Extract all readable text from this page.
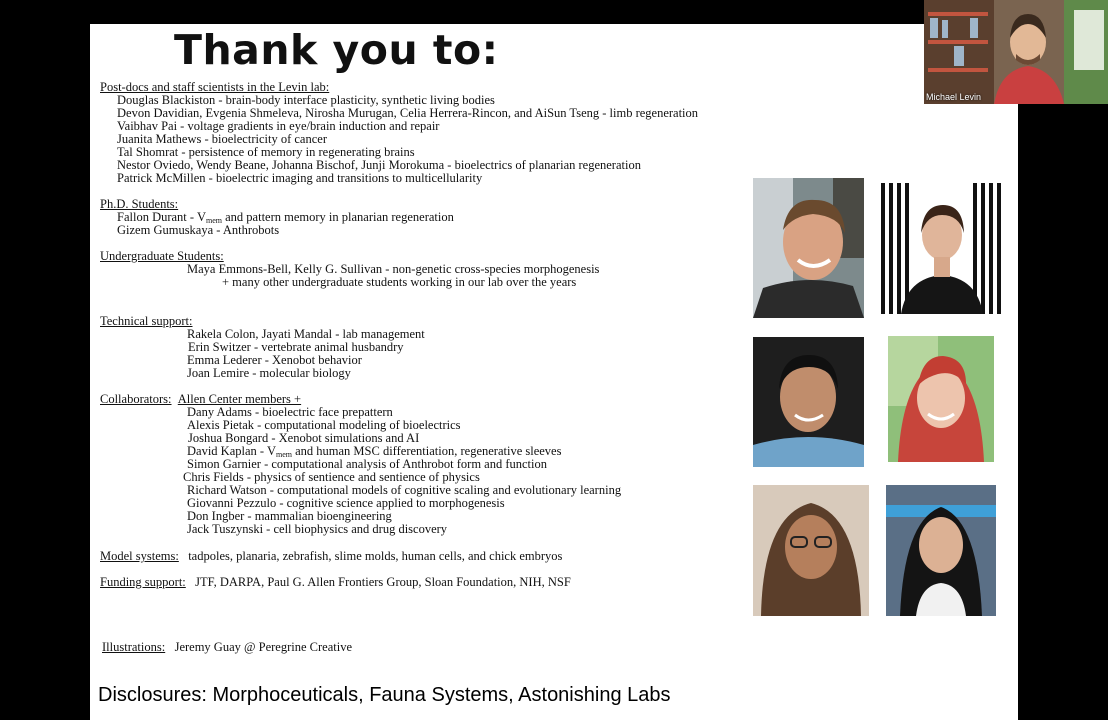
Thank you to:
Post-docs and staff scientists in the Levin lab:
Douglas Blackiston - brain-body interface plasticity, synthetic living bodies
Devon Davidian, Evgenia Shmeleva, Nirosha Murugan, Celia Herrera-Rincon, and AiSun Tseng - limb regeneration
Vaibhav Pai - voltage gradients in eye/brain induction and repair
Juanita Mathews - bioelectricity of cancer
Tal Shomrat - persistence of memory in regenerating brains
Nestor Oviedo, Wendy Beane, Johanna Bischof, Junji Morokuma - bioelectrics of planarian regeneration
Patrick McMillen - bioelectric imaging and transitions to multicellularity
Ph.D. Students:
Fallon Durant - $V_{mem}$ and pattern memory in planarian regeneration
Gizem Gumuskaya - Anthrobots
Undergraduate Students:
Maya Emmons-Bell, Kelly G. Sullivan - non-genetic cross-species morphogenesis
+ many other undergraduate students working in our lab over the years
Technical support:
Rakela Colon, Jayati Mandal - lab management
Erin Switzer - vertebrate animal husbandry
Emma Lederer - Xenobot behavior
Joan Lemire - molecular biology
Collaborators: Allen Center members +
Dany Adams - bioelectric face prepattern
Alexis Pietak - computational modeling of bioelectrics
Joshua Bongard - Xenobot simulations and AI
David Kaplan - $V_{mem}$ and human MSC differentiation, regenerative sleeves
Simon Garnier - computational analysis of Anthrobot form and function
Chris Fields - physics of sentience and sentience of physics
Richard Watson - computational models of cognitive scaling and evolutionary learning
Giovanni Pezzulo - cognitive science applied to morphogenesis
Don Ingber - mammalian bioengineering
Jack Tuszynski - cell biophysics and drug discovery
Model systems: tadpoles, planaria, zebrafish, slime molds, human cells, and chick embryos
Funding support: JTF, DARPA, Paul G. Allen Frontiers Group, Sloan Foundation, NIH, NSF
Illustrations: Jeremy Guay @ Peregrine Creative
Disclosures: Morphoceuticals, Fauna Systems, Astonishing Labs
Michael Levin
